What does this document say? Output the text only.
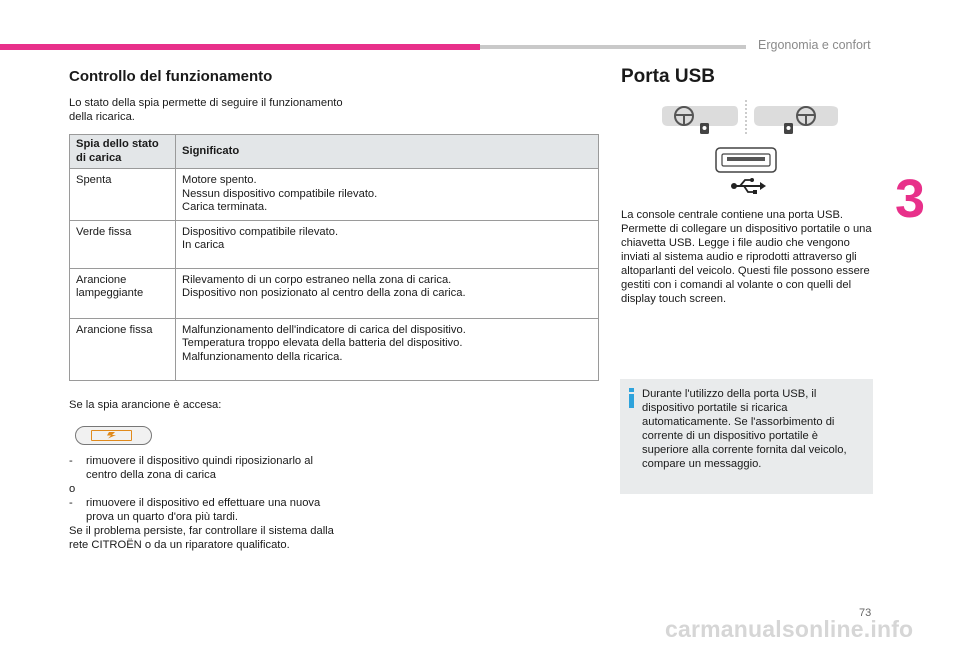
Ergonomia e confort
3
Controllo del funzionamento
Lo stato della spia permette di seguire il funzionamento della ricarica.
Spia dello stato di carica	Significato
Spenta	Motore spento.
Nessun dispositivo compatibile rilevato.
Carica terminata.

Verde fissa	Dispositivo compatibile rilevato.
In carica

Arancione lampeggiante	Rilevamento di un corpo estraneo nella zona di carica.
Dispositivo non posizionato al centro della zona di carica.

Arancione fissa	Malfunzionamento dell'indicatore di carica del dispositivo.
Temperatura troppo elevata della batteria del dispositivo.
Malfunzionamento della ricarica.
Se la spia arancione è accesa:
- rimuovere il dispositivo quindi riposizionarlo al centro della zona di carica
o
- rimuovere il dispositivo ed effettuare una nuova prova un quarto d'ora più tardi.
Se il problema persiste, far controllare il sistema dalla rete CITROËN o da un riparatore qualificato.
Porta USB
La console centrale contiene una porta USB. Permette di collegare un dispositivo portatile o una chiavetta USB. Legge i file audio che vengono inviati al sistema audio e riprodotti attraverso gli altoparlanti del veicolo. Questi file possono essere gestiti con i comandi al volante o con quelli del display touch screen.
Durante l'utilizzo della porta USB, il dispositivo portatile si ricarica automaticamente. Se l'assorbimento di corrente di un dispositivo portatile è superiore alla corrente fornita dal veicolo, compare un messaggio.
73
carmanualsonline.info
